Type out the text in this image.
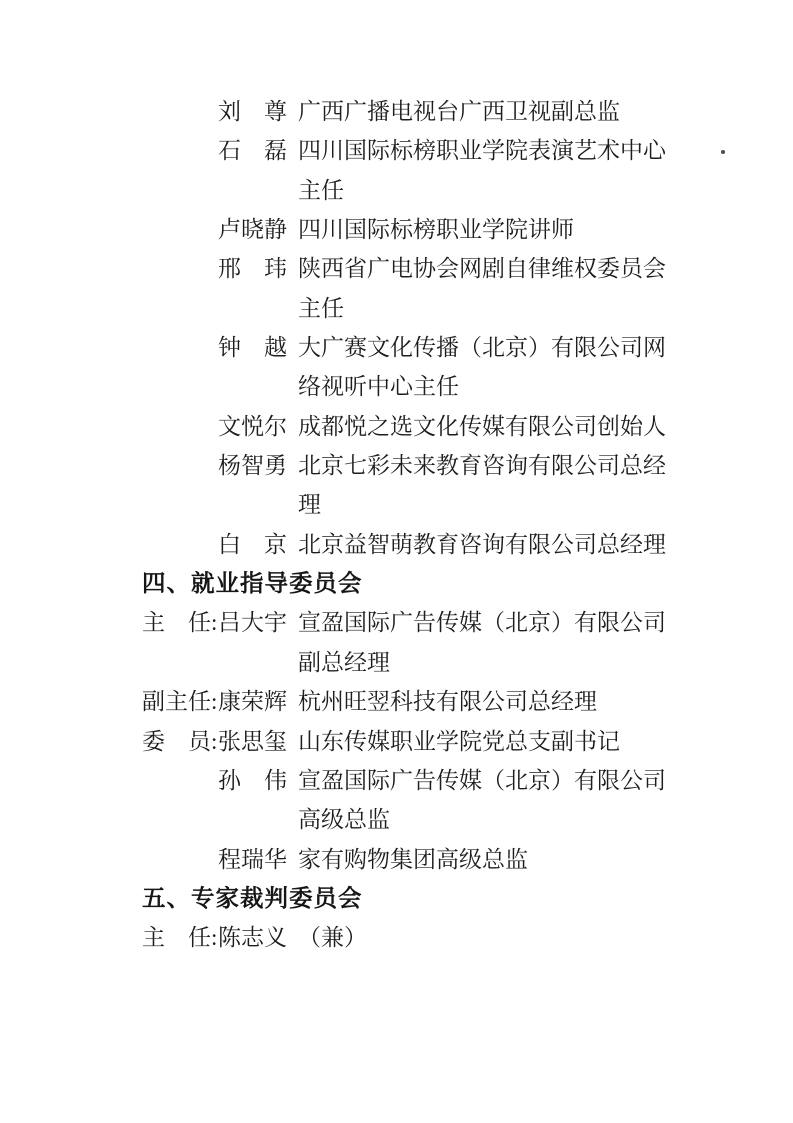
刘　尊 广西广播电视台广西卫视副总监
石　磊 四川国际标榜职业学院表演艺术中心
主任
卢晓静 四川国际标榜职业学院讲师
邢　玮 陕西省广电协会网剧自律维权委员会
主任
钟　越 大广赛文化传播（北京）有限公司网
络视听中心主任
文悦尔 成都悦之选文化传媒有限公司创始人
杨智勇 北京七彩未来教育咨询有限公司总经
理
白　京 北京益智萌教育咨询有限公司总经理
四、就业指导委员会
主　任: 吕大宇 宣盈国际广告传媒（北京）有限公司
副总经理
副主任: 康荣辉 杭州旺翌科技有限公司总经理
委　员: 张思玺 山东传媒职业学院党总支副书记
孙　伟 宣盈国际广告传媒（北京）有限公司
高级总监
程瑞华 家有购物集团高级总监
五、专家裁判委员会
主　任: 陈志义 （兼）
